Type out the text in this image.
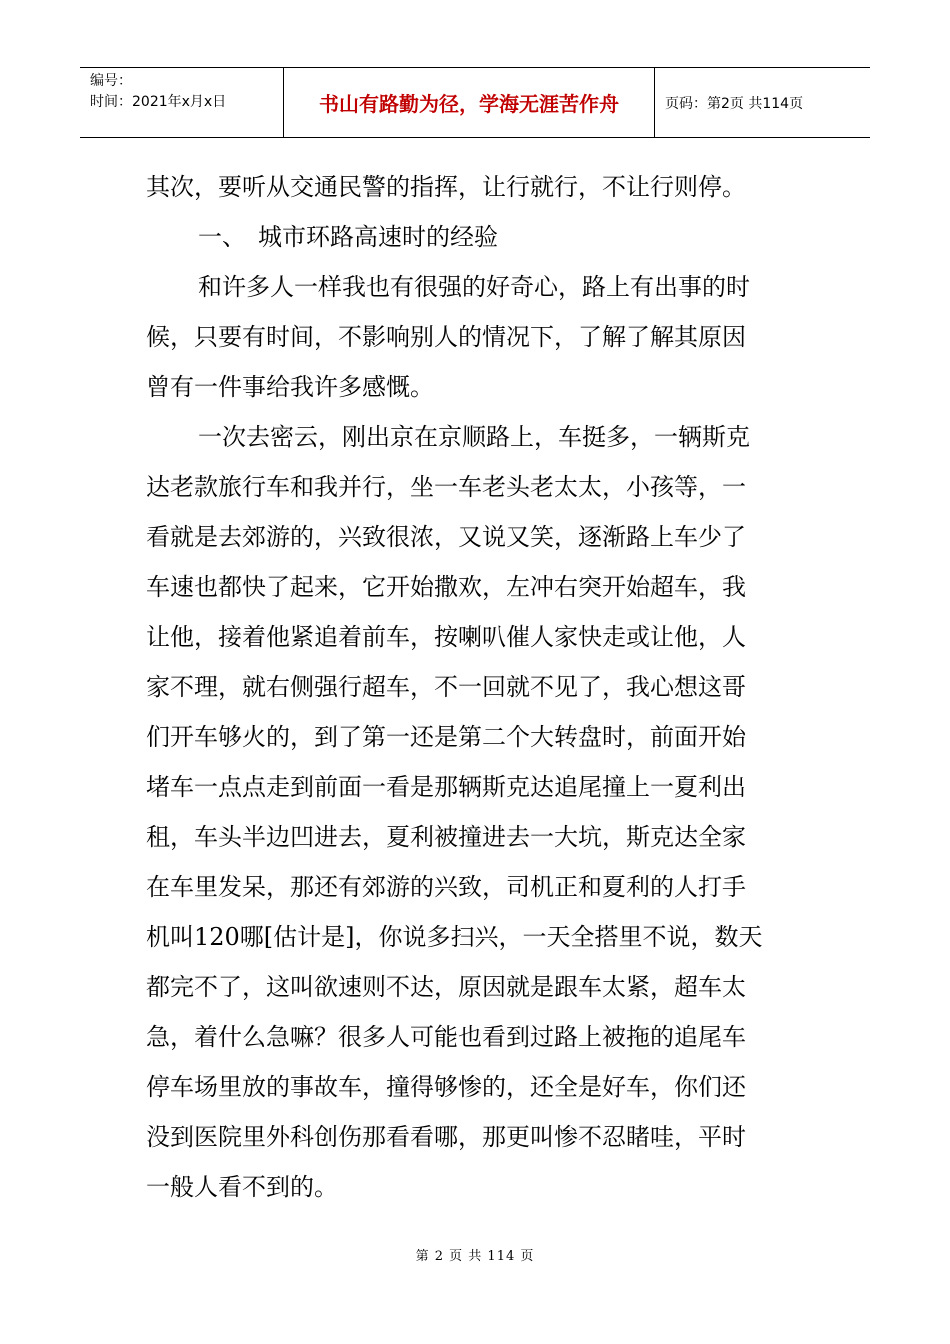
编号：
时间：2021年x月x日	书山有路勤为径，学海无涯苦作舟	页码：第2页 共114页
其次，要听从交通民警的指挥，让行就行，不让行则停。
一、　城市环路高速时的经验
和许多人一样我也有很强的好奇心，路上有出事的时
候，只要有时间，不影响别人的情况下，了解了解其原因
曾有一件事给我许多感慨。
一次去密云，刚出京在京顺路上，车挺多，一辆斯克
达老款旅行车和我并行，坐一车老头老太太，小孩等，一
看就是去郊游的，兴致很浓，又说又笑，逐渐路上车少了
车速也都快了起来，它开始撒欢，左冲右突开始超车，我
让他，接着他紧追着前车，按喇叭催人家快走或让他，人
家不理，就右侧强行超车，不一回就不见了，我心想这哥
们开车够火的，到了第一还是第二个大转盘时，前面开始
堵车一点点走到前面一看是那辆斯克达追尾撞上一夏利出
租，车头半边凹进去，夏利被撞进去一大坑，斯克达全家
在车里发呆，那还有郊游的兴致，司机正和夏利的人打手
机叫120哪[估计是]，你说多扫兴，一天全搭里不说，数天
都完不了，这叫欲速则不达，原因就是跟车太紧，超车太
急，着什么急嘛？很多人可能也看到过路上被拖的追尾车
停车场里放的事故车，撞得够惨的，还全是好车，你们还
没到医院里外科创伤那看看哪，那更叫惨不忍睹哇，平时
一般人看不到的。
第 2 页 共 114 页
